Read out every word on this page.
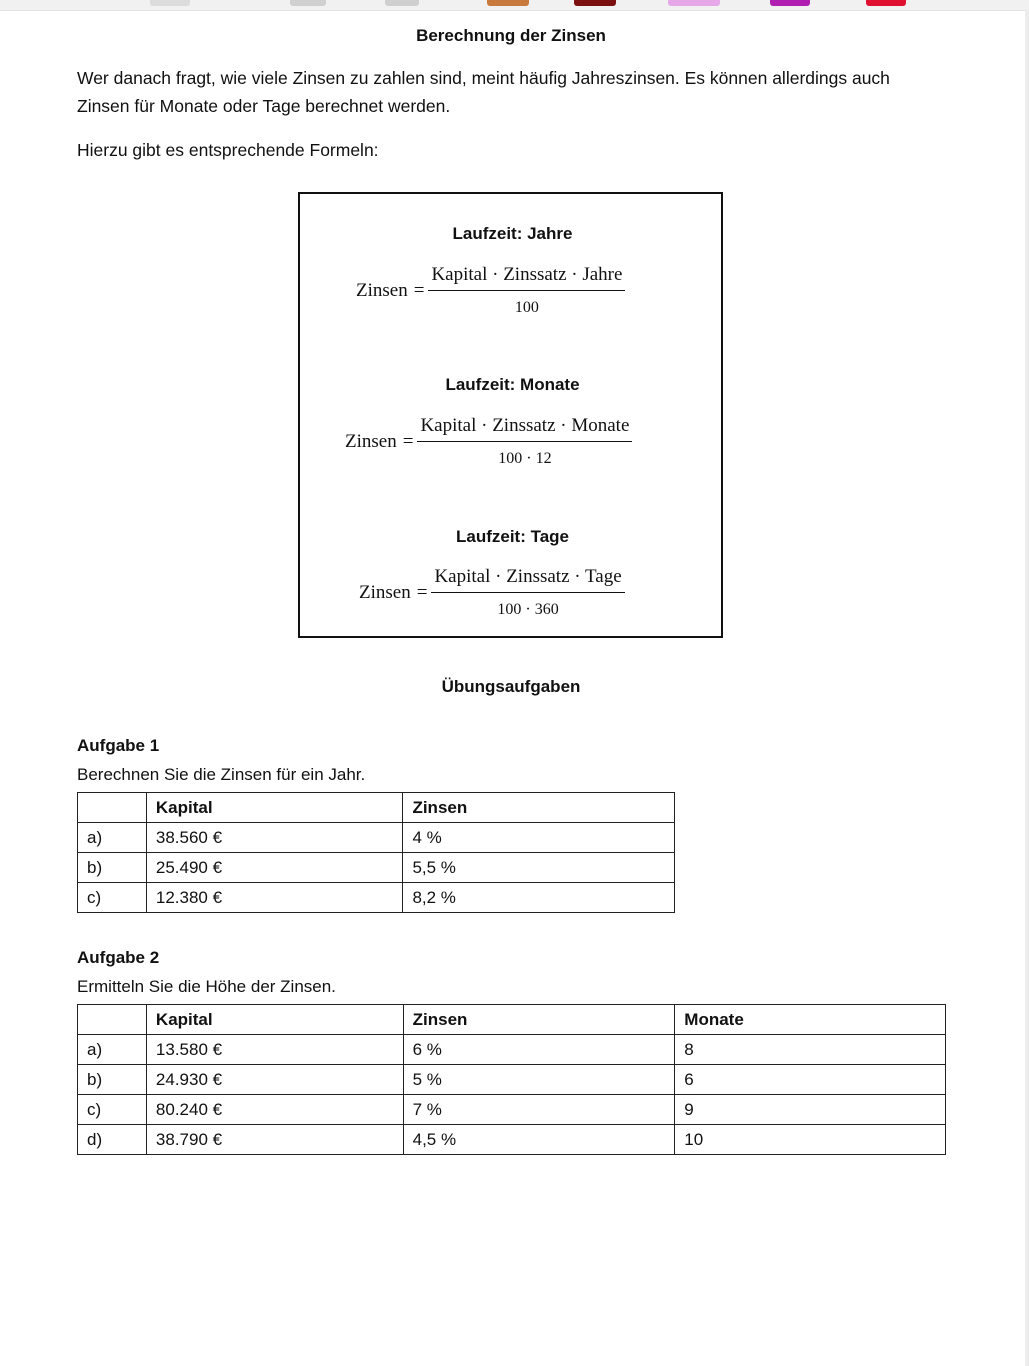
Berechnung der Zinsen
Wer danach fragt, wie viele Zinsen zu zahlen sind, meint häufig Jahreszinsen. Es können allerdings auch Zinsen für Monate oder Tage berechnet werden.
Hierzu gibt es entsprechende Formeln:
Laufzeit: Jahre
Zinsen = $\frac{\text{Kapital · Zinssatz · Jahre}}{100}$
Laufzeit: Monate
Zinsen = $\frac{\text{Kapital · Zinssatz · Monate}}{100 \cdot 12}$
Laufzeit: Tage
Zinsen = $\frac{\text{Kapital · Zinssatz · Tage}}{100 \cdot 360}$
Übungsaufgaben
Aufgabe 1
Berechnen Sie die Zinsen für ein Jahr.
	Kapital	Zinsen
a)	38.560 €	4 %
b)	25.490 €	5,5 %
c)	12.380 €	8,2 %
Aufgabe 2
Ermitteln Sie die Höhe der Zinsen.
	Kapital	Zinsen	Monate
a)	13.580 €	6 %	8
b)	24.930 €	5 %	6
c)	80.240 €	7 %	9
d)	38.790 €	4,5 %	10
